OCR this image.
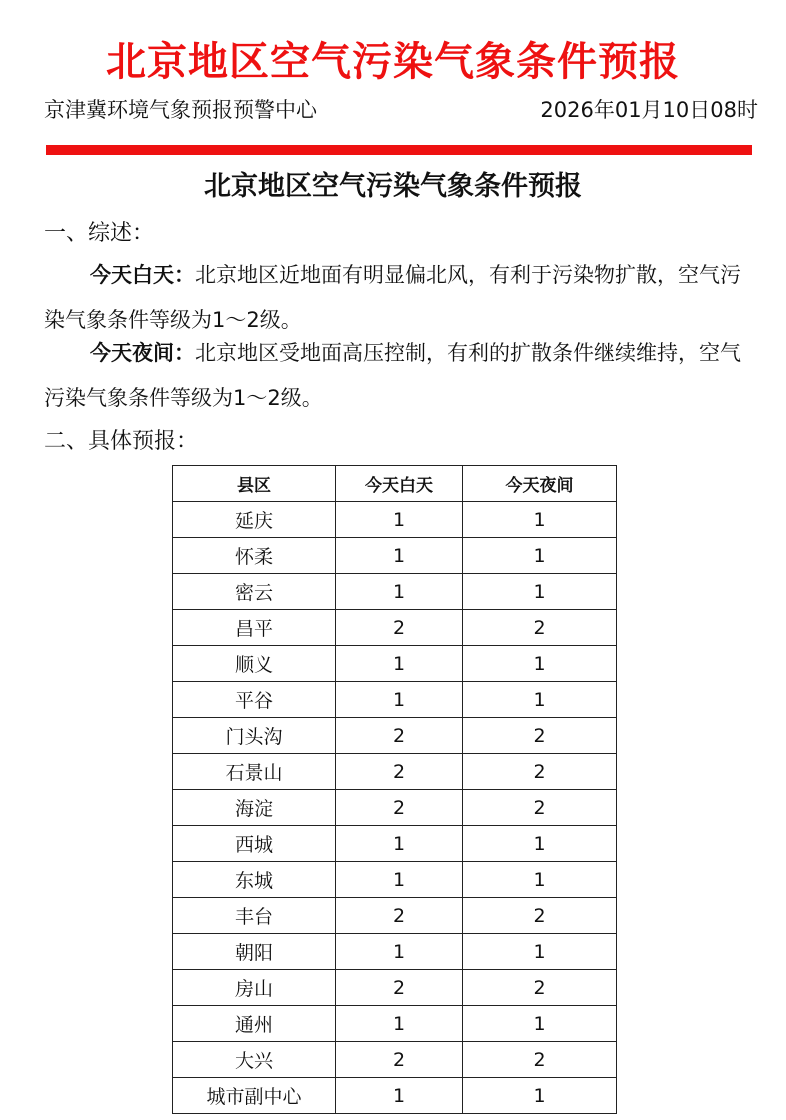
北京地区空气污染气象条件预报
京津冀环境气象预报预警中心	2026年01月10日08时
北京地区空气污染气象条件预报
一、综述：
今天白天：北京地区近地面有明显偏北风，有利于污染物扩散，空气污染气象条件等级为1～2级。
今天夜间：北京地区受地面高压控制，有利的扩散条件继续维持，空气污染气象条件等级为1～2级。
二、具体预报：
县区	今天白天	今天夜间
延庆	1	1
怀柔	1	1
密云	1	1
昌平	2	2
顺义	1	1
平谷	1	1
门头沟	2	2
石景山	2	2
海淀	2	2
西城	1	1
东城	1	1
丰台	2	2
朝阳	1	1
房山	2	2
通州	1	1
大兴	2	2
城市副中心	1	1
